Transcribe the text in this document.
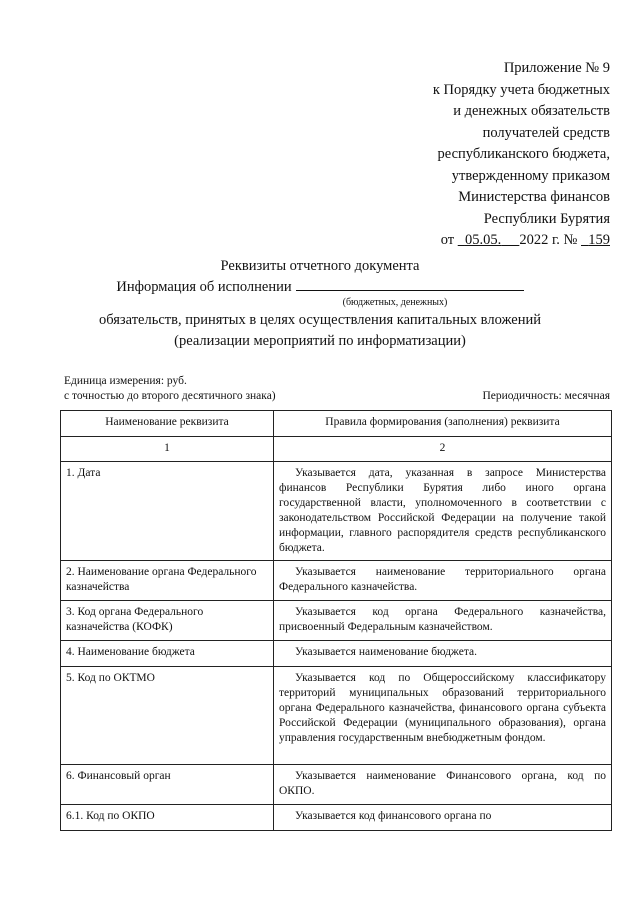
Приложение № 9
к Порядку учета бюджетных
и денежных обязательств
получателей средств
республиканского бюджета,
утвержденному приказом
Министерства финансов
Республики Бурятия
от 05.05. 2022 г. № 159
Реквизиты отчетного документа
Информация об исполнении
(бюджетных, денежных)
обязательств, принятых в целях осуществления капитальных вложений
(реализации мероприятий по информатизации)
Единица измерения: руб.
с точностью до второго десятичного знака)	Периодичность: месячная
Наименование реквизита	Правила формирования (заполнения) реквизита
1	2
1. Дата	Указывается дата, указанная в запросе Министерства финансов Республики Бурятия либо иного органа государственной власти, уполномоченного в соответствии с законодательством Российской Федерации на получение такой информации, главного распорядителя средств республиканского бюджета.
2. Наименование органа Федерального казначейства	Указывается наименование территориального органа Федерального казначейства.
3. Код органа Федерального казначейства (КОФК)	Указывается код органа Федерального казначейства, присвоенный Федеральным казначейством.
4. Наименование бюджета	Указывается наименование бюджета.
5. Код по ОКТМО	Указывается код по Общероссийскому классификатору территорий муниципальных образований территориального органа Федерального казначейства, финансового органа субъекта Российской Федерации (муниципального образования), органа управления государственным внебюджетным фондом.
6. Финансовый орган	Указывается наименование Финансового органа, код по ОКПО.
6.1. Код по ОКПО	Указывается код финансового органа по
